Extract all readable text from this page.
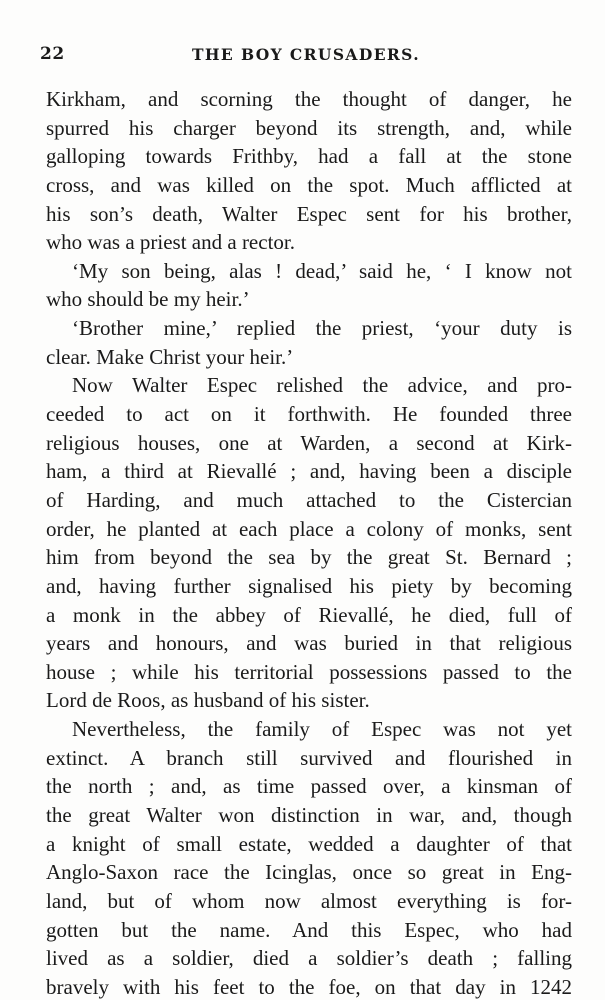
22	THE BOY CRUSADERS.
Kirkham, and scorning the thought of danger, he
spurred his charger beyond its strength, and, while
galloping towards Frithby, had a fall at the stone
cross, and was killed on the spot. Much afflicted at
his son’s death, Walter Espec sent for his brother,
who was a priest and a rector.
‘My son being, alas ! dead,’ said he, ‘ I know not
who should be my heir.’
‘Brother mine,’ replied the priest, ‘your duty is
clear. Make Christ your heir.’
Now Walter Espec relished the advice, and pro-
ceeded to act on it forthwith. He founded three
religious houses, one at Warden, a second at Kirk-
ham, a third at Rievallé ; and, having been a disciple
of Harding, and much attached to the Cistercian
order, he planted at each place a colony of monks, sent
him from beyond the sea by the great St. Bernard ;
and, having further signalised his piety by becoming
a monk in the abbey of Rievallé, he died, full of
years and honours, and was buried in that religious
house ; while his territorial possessions passed to the
Lord de Roos, as husband of his sister.
Nevertheless, the family of Espec was not yet
extinct. A branch still survived and flourished in
the north ; and, as time passed over, a kinsman of
the great Walter won distinction in war, and, though
a knight of small estate, wedded a daughter of that
Anglo-Saxon race the Icinglas, once so great in Eng-
land, but of whom now almost everything is for-
gotten but the name. And this Espec, who had
lived as a soldier, died a soldier’s death ; falling
bravely with his feet to the foe, on that day in 1242
